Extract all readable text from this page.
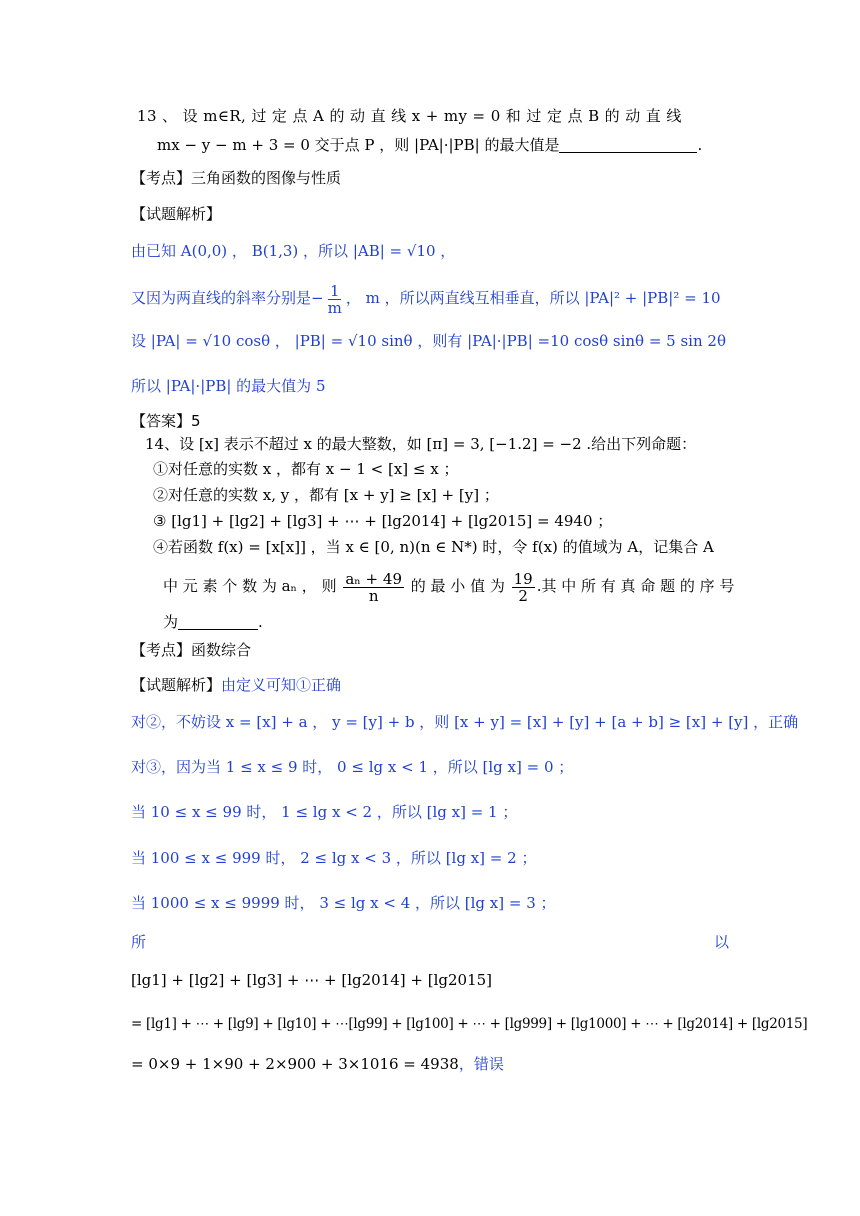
13 、 设 m∈R, 过 定 点 A 的 动 直 线 x + my = 0 和 过 定 点 B 的 动 直 线
mx − y − m + 3 = 0 交于点 P ，则 |PA|·|PB| 的最大值是	.
【考点】三角函数的图像与性质
【试题解析】
由已知 A(0,0) ， B(1,3) ，所以 |AB| = √10 ，
又因为两直线的斜率分别是− $\frac{1}{m}$ ， m ，所以两直线互相垂直，所以 |PA|² + |PB|² = 10
设 |PA| = √10 cosθ ， |PB| = √10 sinθ ，则有 |PA|·|PB| =10 cosθ sinθ = 5 sin 2θ
所以 |PA|·|PB| 的最大值为 5
【答案】5
14、设 [x] 表示不超过 x 的最大整数，如 [π] = 3, [−1.2] = −2 .给出下列命题：
①对任意的实数 x ，都有 x − 1 < [x] ≤ x ；
②对任意的实数 x, y ，都有 [x + y] ≥ [x] + [y] ；
③ [lg1] + [lg2] + [lg3] + ⋯ + [lg2014] + [lg2015] = 4940 ；
④若函数 f(x) = [x[x]] ，当 x ∈ [0, n)(n ∈ N*) 时，令 f(x) 的值域为 A，记集合 A
中 元 素 个 数 为 aₙ ， 则 $\frac{\text{aₙ + 49}}{n}$ 的 最 小 值 为 $\frac{19}{2}$ .其 中 所 有 真 命 题 的 序 号
为	.
【考点】函数综合
【试题解析】由定义可知①正确
对②，不妨设 x = [x] + a ， y = [y] + b ，则 [x + y] = [x] + [y] + [a + b] ≥ [x] + [y] ，正确
对③，因为当 1 ≤ x ≤ 9 时， 0 ≤ lg x < 1 ，所以 [lg x] = 0 ；
当 10 ≤ x ≤ 99 时， 1 ≤ lg x < 2 ，所以 [lg x] = 1 ；
当 100 ≤ x ≤ 999 时， 2 ≤ lg x < 3 ，所以 [lg x] = 2 ；
当 1000 ≤ x ≤ 9999 时， 3 ≤ lg x < 4 ，所以 [lg x] = 3 ；
所	以
[lg1] + [lg2] + [lg3] + ⋯ + [lg2014] + [lg2015]
= [lg1] + ⋯ + [lg9] + [lg10] + ⋯[lg99] + [lg100] + ⋯ + [lg999] + [lg1000] + ⋯ + [lg2014] + [lg2015]
= 0×9 + 1×90 + 2×900 + 3×1016 = 4938，错误
